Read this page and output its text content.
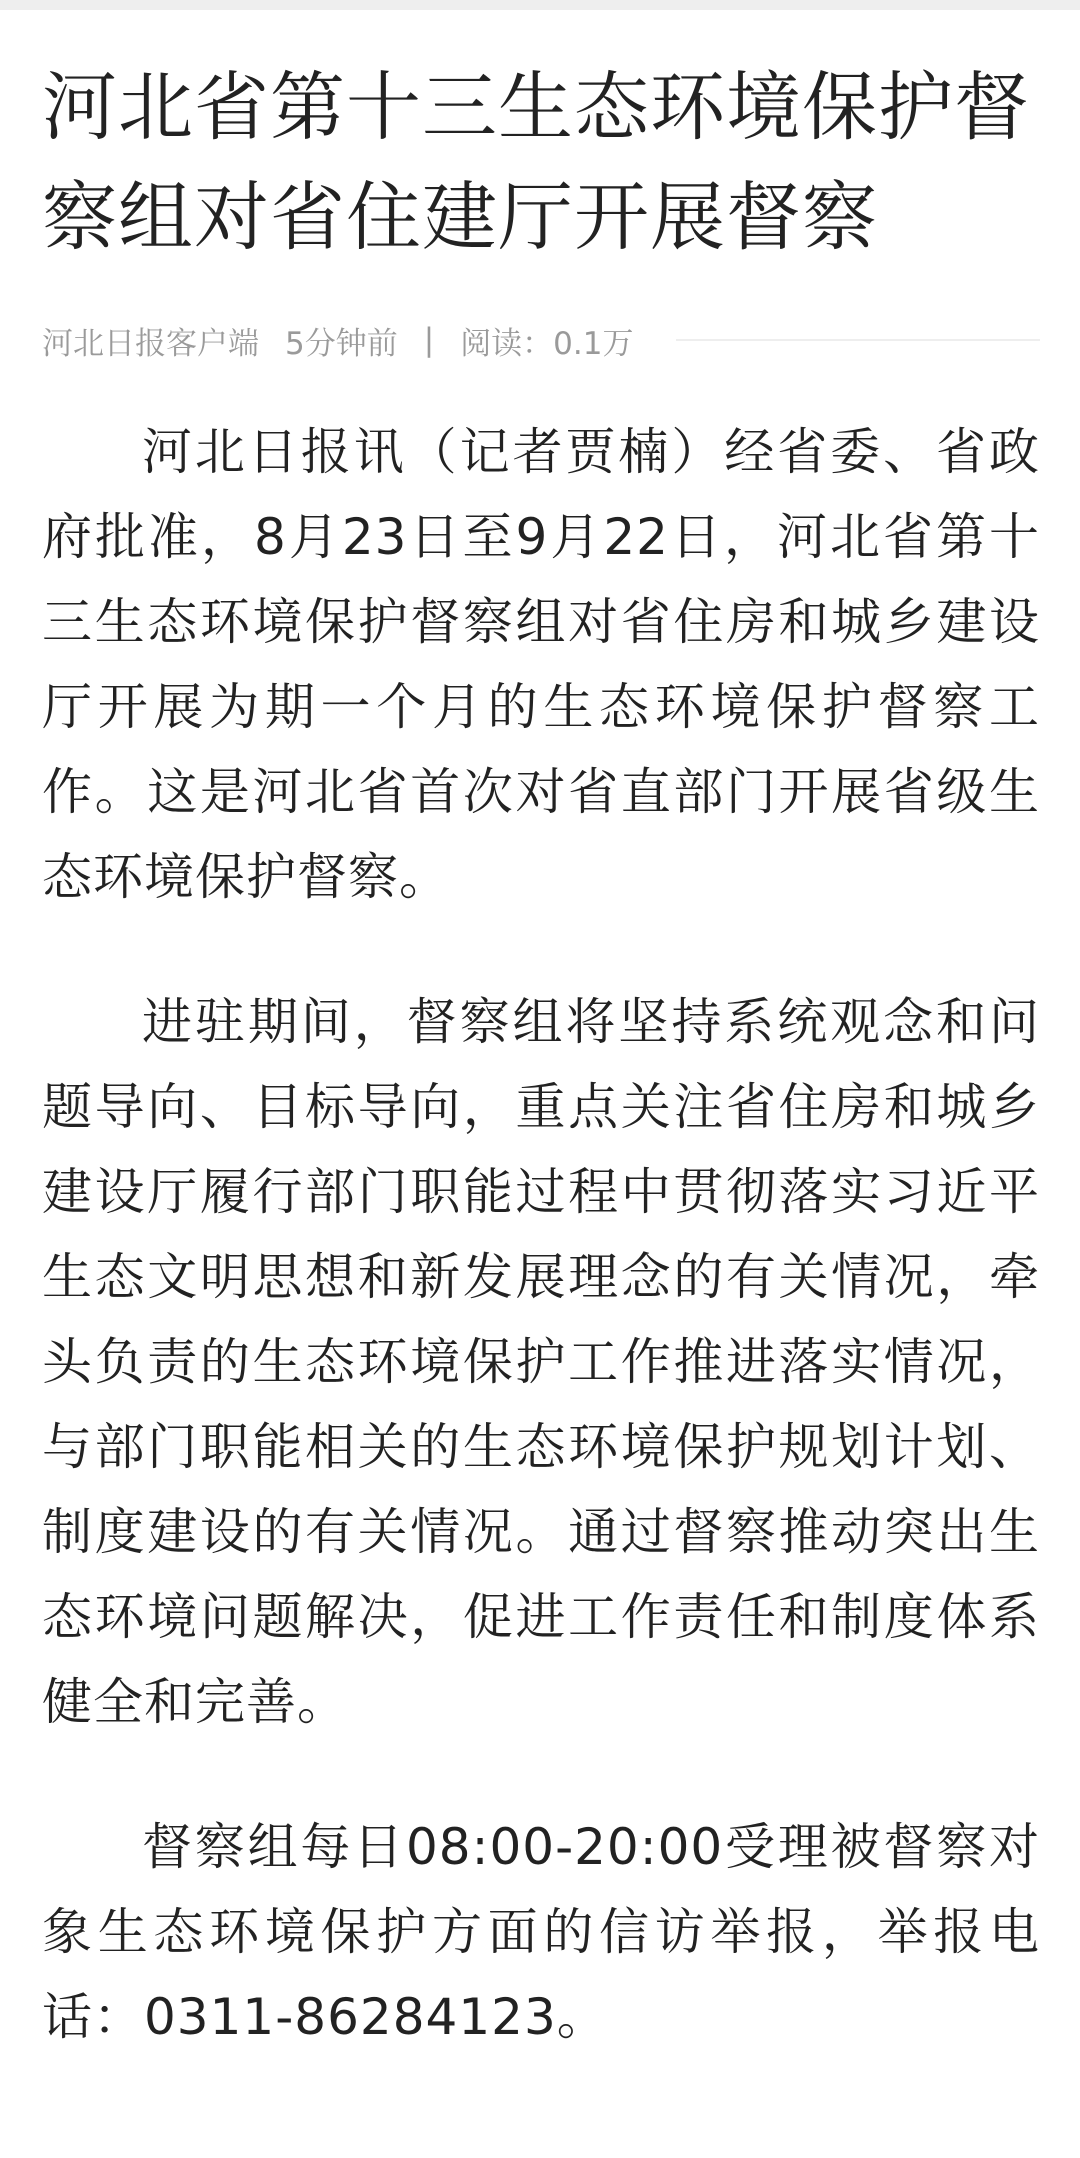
河北省第十三生态环境保护督察组对省住建厅开展督察
河北日报客户端 5分钟前 | 阅读：0.1万

河北日报讯（记者贾楠）经省委、省政府批准，8月23日至9月22日，河北省第十三生态环境保护督察组对省住房和城乡建设厅开展为期一个月的生态环境保护督察工作。这是河北省首次对省直部门开展省级生态环境保护督察。

进驻期间，督察组将坚持系统观念和问题导向、目标导向，重点关注省住房和城乡建设厅履行部门职能过程中贯彻落实习近平生态文明思想和新发展理念的有关情况，牵头负责的生态环境保护工作推进落实情况，与部门职能相关的生态环境保护规划计划、制度建设的有关情况。通过督察推动突出生态环境问题解决，促进工作责任和制度体系健全和完善。

督察组每日08:00-20:00受理被督察对象生态环境保护方面的信访举报，举报电话：0311-86284123。
